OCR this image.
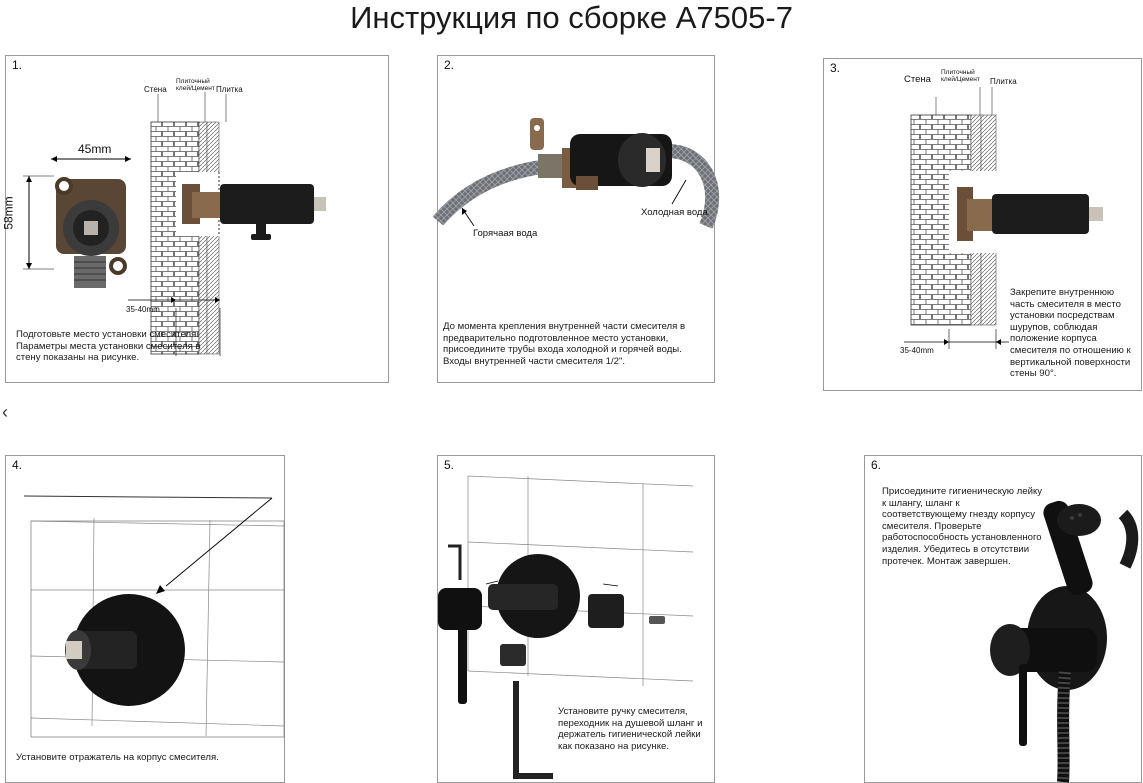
Инструкция по сборке A7505-7
‹
1.
Стена
Плиточный клей/Цемент Плитка
45mm
58mm
35-40mm
Подготовьте место установки смесителя. Параметры места установки смесителя в стену показаны на рисунке.
2.
Горячаая вода
Холодная вода
До момента крепления внутренней части смесителя в предварительно подготовленное место установки, присоедините трубы входа холодной и горячей воды. Входы внутренней части смесителя 1/2".
3.
Стена
Плиточный клей/Цемент	Плитка
35-40mm
Закрепите внутреннюю часть смесителя в место установки посредствам шурупов, соблюдая положение корпуса смесителя по отношению к вертикальной поверхности стены 90°.
4.
Установите отражатель на корпус смесителя.
5.
Установите ручку смесителя, переходник на душевой шланг и держатель гигиенической лейки как показано на рисунке.
6.
Присоедините гигиеническую лейку к шлангу, шланг к соответствующему гнезду корпусу смесителя. Проверьте работоспособность установленного изделия. Убедитесь в отсутствии протечек. Монтаж завершен.
